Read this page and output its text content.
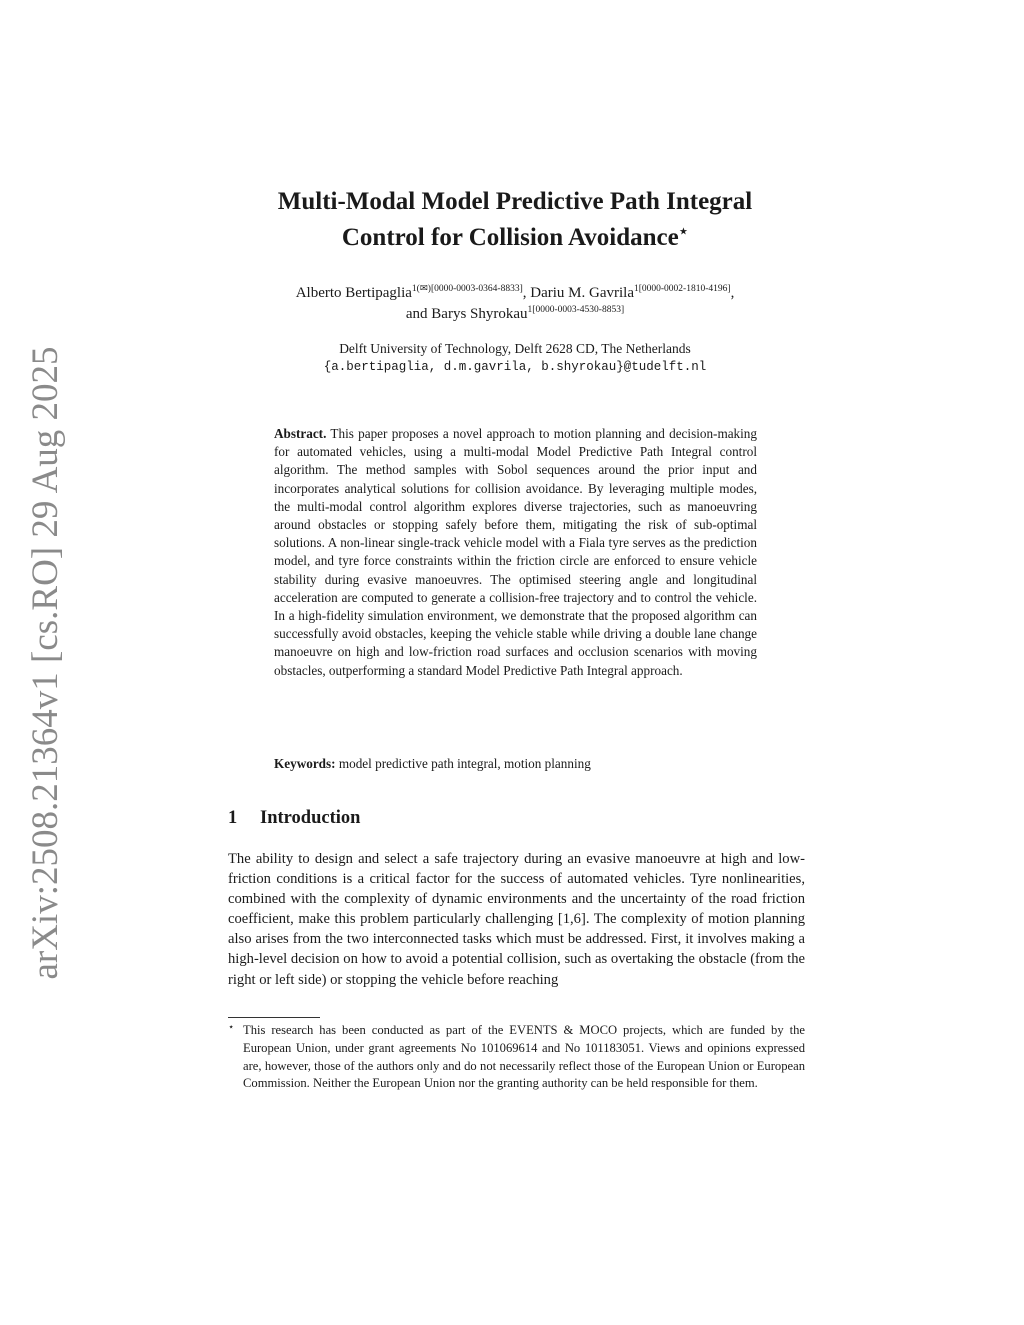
arXiv:2508.21364v1 [cs.RO] 29 Aug 2025
Multi-Modal Model Predictive Path Integral
Control for Collision Avoidance⋆
Alberto Bertipaglia$^{1(✉)[0000-0003-0364-8833]}$, Dariu M. Gavrila$^{1[0000-0002-1810-4196]}$,
and Barys Shyrokau$^{1[0000-0003-4530-8853]}$
Delft University of Technology, Delft 2628 CD, The Netherlands
{a.bertipaglia, d.m.gavrila, b.shyrokau}@tudelft.nl
Abstract. This paper proposes a novel approach to motion planning and decision-making for automated vehicles, using a multi-modal Model Predictive Path Integral control algorithm. The method samples with Sobol sequences around the prior input and incorporates analytical solutions for collision avoidance. By leveraging multiple modes, the multi-modal control algorithm explores diverse trajectories, such as manoeuvring around obstacles or stopping safely before them, mitigating the risk of sub-optimal solutions. A non-linear single-track vehicle model with a Fiala tyre serves as the prediction model, and tyre force constraints within the friction circle are enforced to ensure vehicle stability during evasive manoeuvres. The optimised steering angle and longitudinal acceleration are computed to generate a collision-free trajectory and to control the vehicle. In a high-fidelity simulation environment, we demonstrate that the proposed algorithm can successfully avoid obstacles, keeping the vehicle stable while driving a double lane change manoeuvre on high and low-friction road surfaces and occlusion scenarios with moving obstacles, outperforming a standard Model Predictive Path Integral approach.
Keywords: model predictive path integral, motion planning
1 Introduction
The ability to design and select a safe trajectory during an evasive manoeuvre at high and low-friction conditions is a critical factor for the success of automated vehicles. Tyre nonlinearities, combined with the complexity of dynamic environments and the uncertainty of the road friction coefficient, make this problem particularly challenging [1,6]. The complexity of motion planning also arises from the two interconnected tasks which must be addressed. First, it involves making a high-level decision on how to avoid a potential collision, such as overtaking the obstacle (from the right or left side) or stopping the vehicle before reaching
⋆ This research has been conducted as part of the EVENTS & MOCO projects, which are funded by the European Union, under grant agreements No 101069614 and No 101183051. Views and opinions expressed are, however, those of the authors only and do not necessarily reflect those of the European Union or European Commission. Neither the European Union nor the granting authority can be held responsible for them.
